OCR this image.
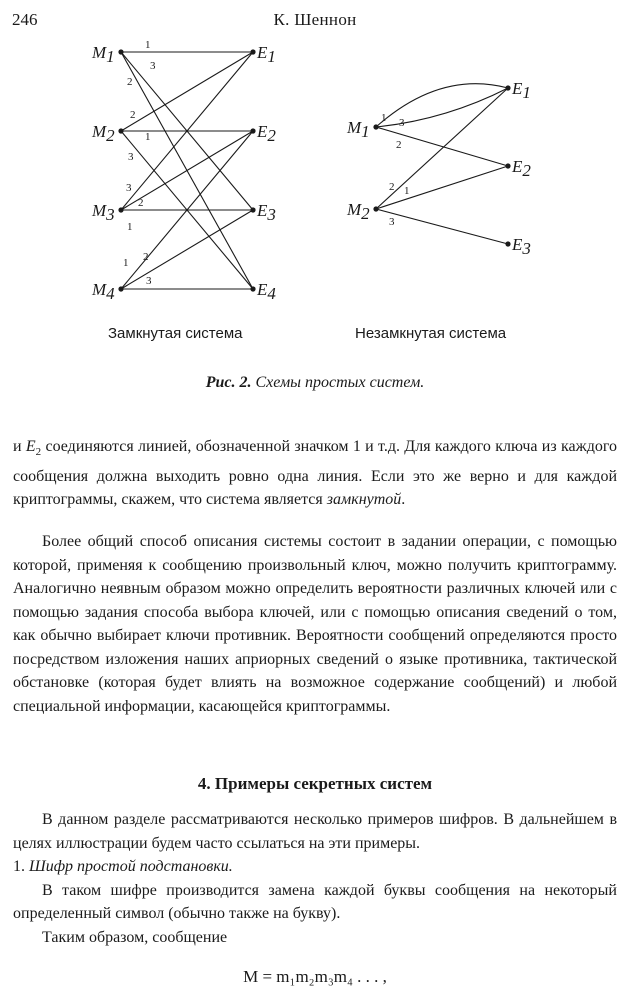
246	К. Шеннон
1
3
2
2
1
3
3
2
1
1 2
3
M1
M2
M3
M4
E1
E2
E3
E4
1 3
2
2 1
3
M1
M2
E1
E2
E3
Замкнутая система	Незамкнутая система
Рис. 2. Схемы простых систем.

и $E_2$ соединяются линией, обозначенной значком 1 и т.д. Для каждого ключа из каждого сообщения должна выходить ровно одна линия. Если это же верно и для каждой криптограммы, скажем, что система является замкнутой.

Более общий способ описания системы состоит в задании операции, с помощью которой, применяя к сообщению произвольный ключ, можно получить криптограмму. Аналогично неявным образом можно определить вероятности различных ключей или с помощью задания способа выбора ключей, или с помощью описания сведений о том, как обычно выбирает ключи противник. Вероятности сообщений определяются просто посредством изложения наших априорных сведений о языке противника, тактической обстановке (которая будет влиять на возможное содержание сообщений) и любой специальной информации, касающейся криптограммы.

4. Примеры секретных систем

В данном разделе рассматриваются несколько примеров шифров. В дальнейшем в целях иллюстрации будем часто ссылаться на эти примеры.

1. Шифр простой подстановки.

В таком шифре производится замена каждой буквы сообщения на некоторый определенный символ (обычно также на букву).

Таким образом, сообщение

M = m₁m₂m₃m₄ . . . ,
